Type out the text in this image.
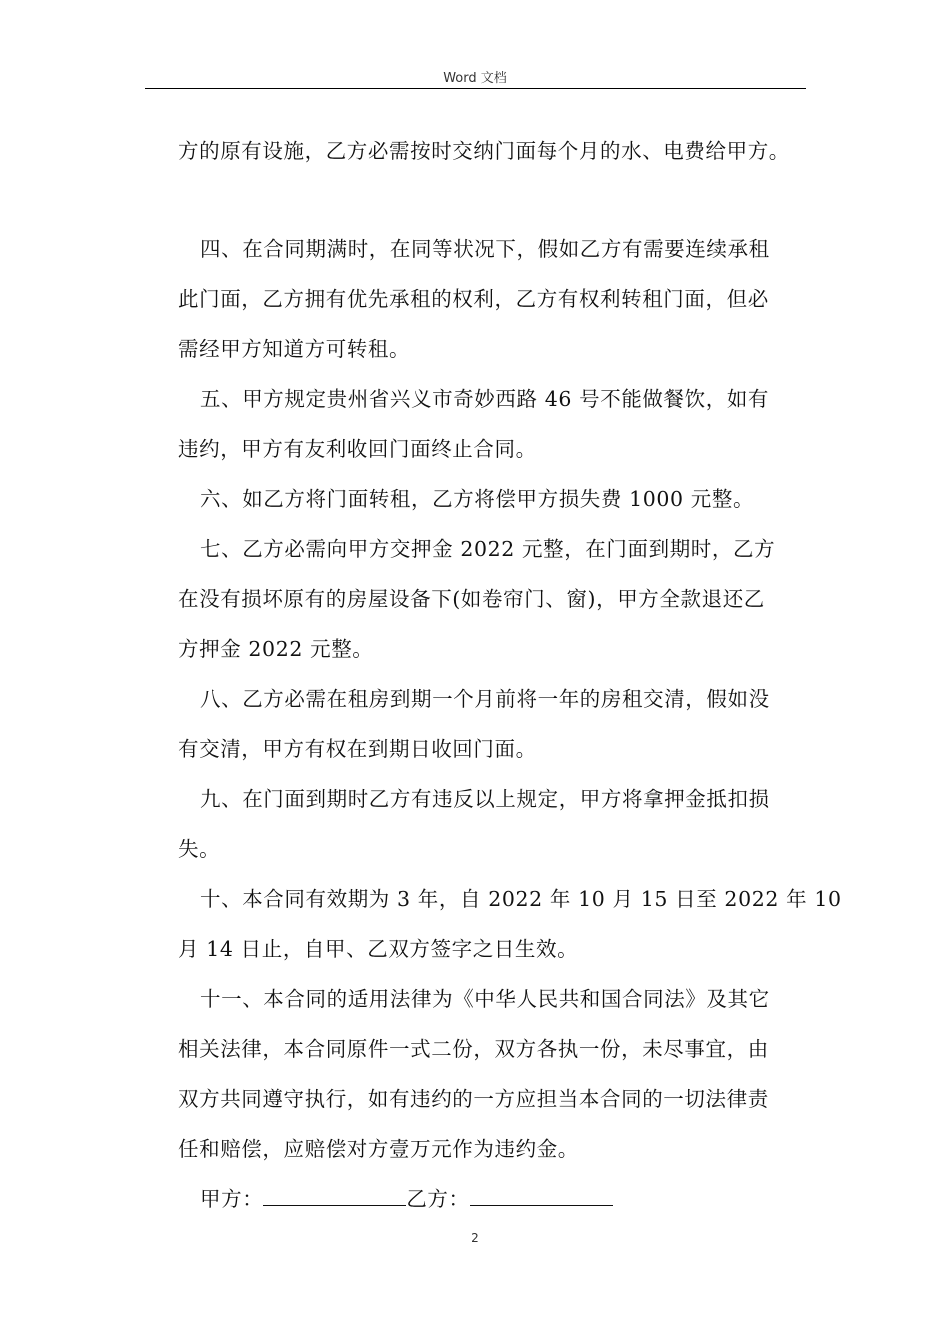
Word 文档

方的原有设施，乙方必需按时交纳门面每个月的水、电费给甲方。

四、在合同期满时，在同等状况下，假如乙方有需要连续承租

此门面，乙方拥有优先承租的权利，乙方有权利转租门面，但必

需经甲方知道方可转租。

五、甲方规定贵州省兴义市奇妙西路 46 号不能做餐饮，如有

违约，甲方有友利收回门面终止合同。

六、如乙方将门面转租，乙方将偿甲方损失费 1000 元整。

七、乙方必需向甲方交押金 2022 元整，在门面到期时，乙方

在没有损坏原有的房屋设备下(如卷帘门、窗)，甲方全款退还乙

方押金 2022 元整。

八、乙方必需在租房到期一个月前将一年的房租交清，假如没

有交清，甲方有权在到期日收回门面。

九、在门面到期时乙方有违反以上规定，甲方将拿押金抵扣损

失。

十、本合同有效期为 3 年，自 2022 年 10 月 15 日至 2022 年 10

月 14 日止，自甲、乙双方签字之日生效。

十一、本合同的适用法律为《中华人民共和国合同法》及其它

相关法律，本合同原件一式二份，双方各执一份，未尽事宜，由

双方共同遵守执行，如有违约的一方应担当本合同的一切法律责

任和赔偿，应赔偿对方壹万元作为违约金。

甲方：	乙方：

2
